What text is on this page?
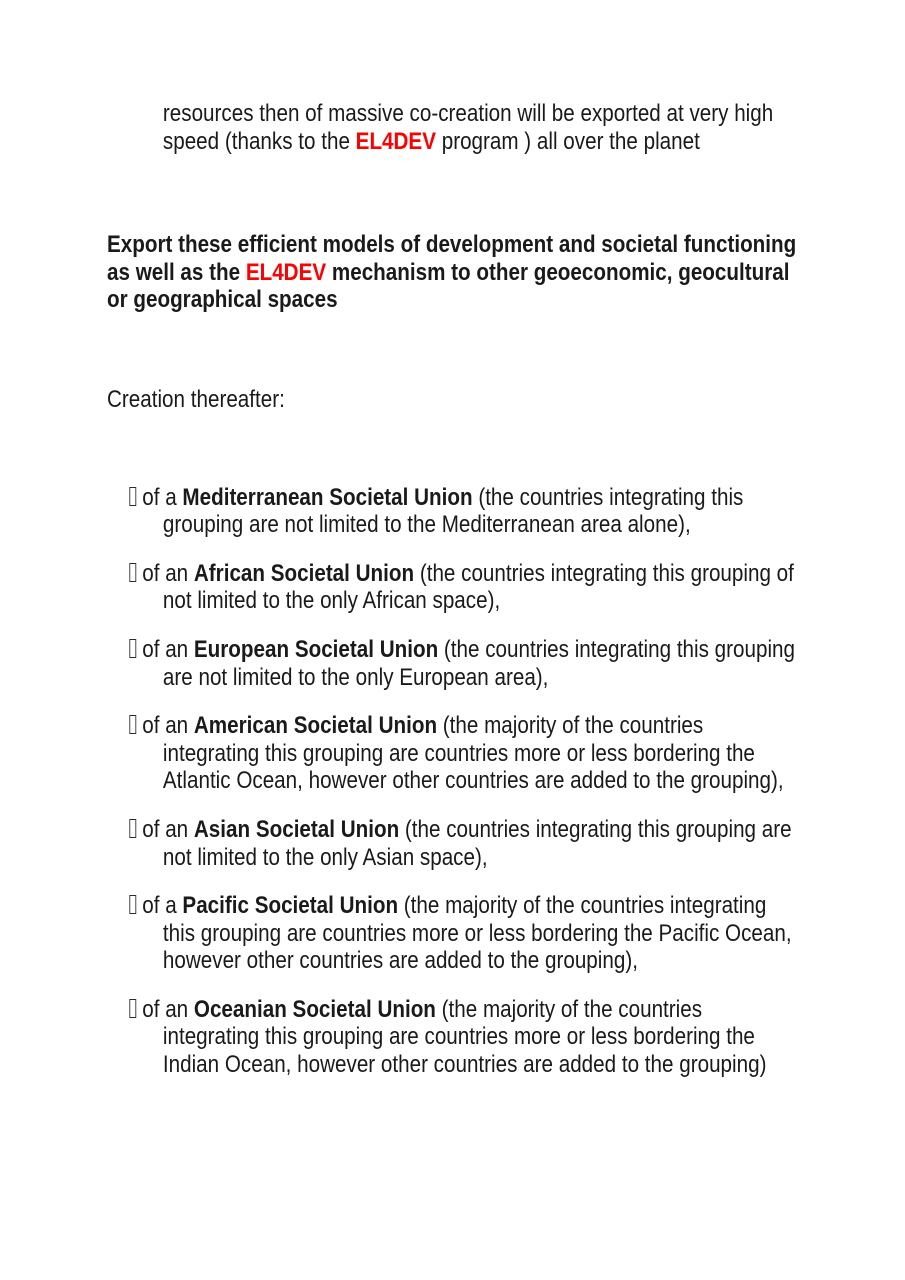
resources then of massive co-creation will be exported at very high speed (thanks to the EL4DEV program ) all over the planet

Export these efficient models of development and societal functioning as well as the EL4DEV mechanism to other geoeconomic, geocultural or geographical spaces

Creation thereafter:

of a Mediterranean Societal Union (the countries integrating this grouping are not limited to the Mediterranean area alone),
of an African Societal Union (the countries integrating this grouping of not limited to the only African space),
of an European Societal Union (the countries integrating this grouping are not limited to the only European area),
of an American Societal Union (the majority of the countries integrating this grouping are countries more or less bordering the Atlantic Ocean, however other countries are added to the grouping),
of an Asian Societal Union (the countries integrating this grouping are not limited to the only Asian space),
of a Pacific Societal Union (the majority of the countries integrating this grouping are countries more or less bordering the Pacific Ocean, however other countries are added to the grouping),
of an Oceanian Societal Union (the majority of the countries integrating this grouping are countries more or less bordering the Indian Ocean, however other countries are added to the grouping)
